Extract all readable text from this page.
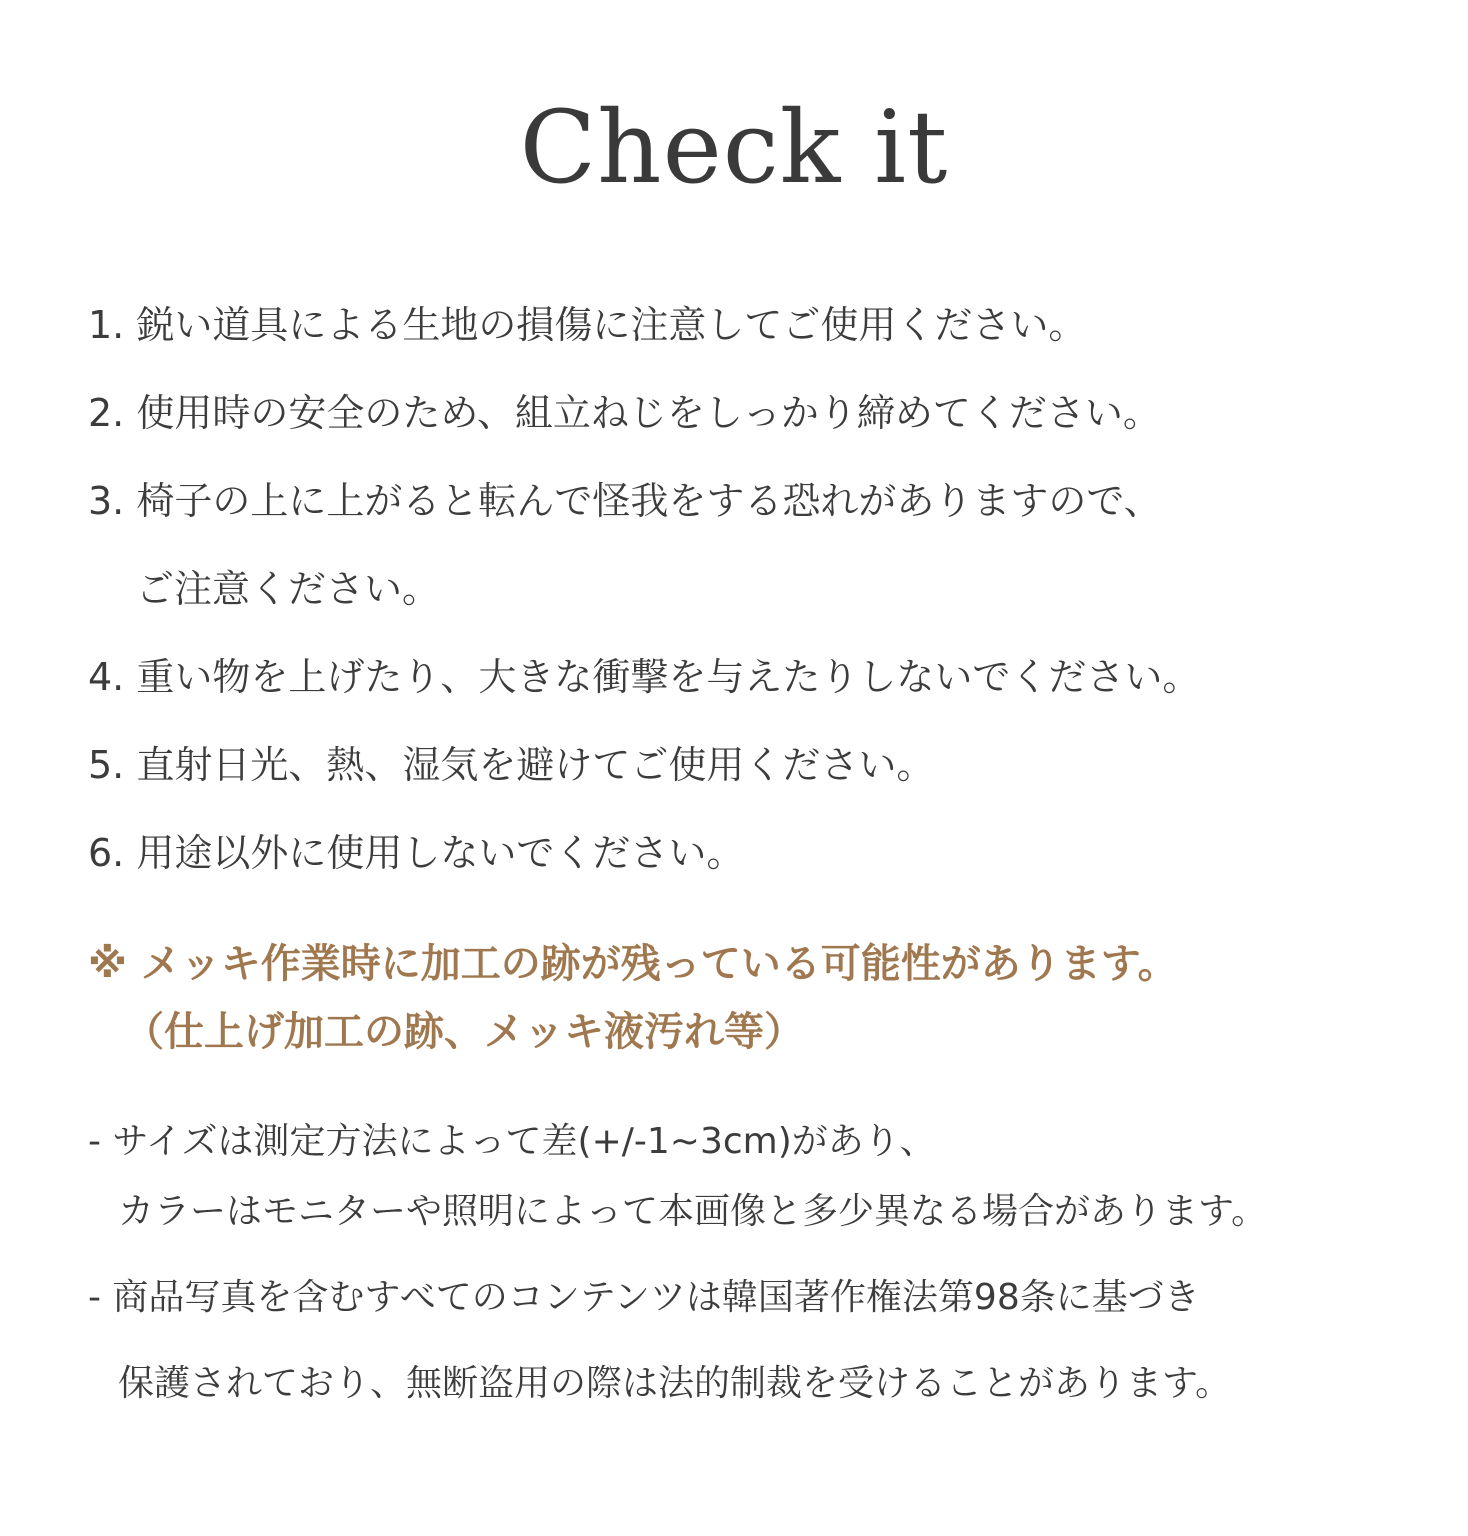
Check it
1. 鋭い道具による生地の損傷に注意してご使用ください。
2. 使用時の安全のため、組立ねじをしっかり締めてください。
3. 椅子の上に上がると転んで怪我をする恐れがありますので、
ご注意ください。
4. 重い物を上げたり、大きな衝撃を与えたりしないでください。
5. 直射日光、熱、湿気を避けてご使用ください。
6. 用途以外に使用しないでください。
※ メッキ作業時に加工の跡が残っている可能性があります。
（仕上げ加工の跡、メッキ液汚れ等）
- サイズは測定方法によって差(+/-1~3cm)があり、
カラーはモニターや照明によって本画像と多少異なる場合があります。
- 商品写真を含むすべてのコンテンツは韓国著作権法第98条に基づき
保護されており、無断盗用の際は法的制裁を受けることがあります。
